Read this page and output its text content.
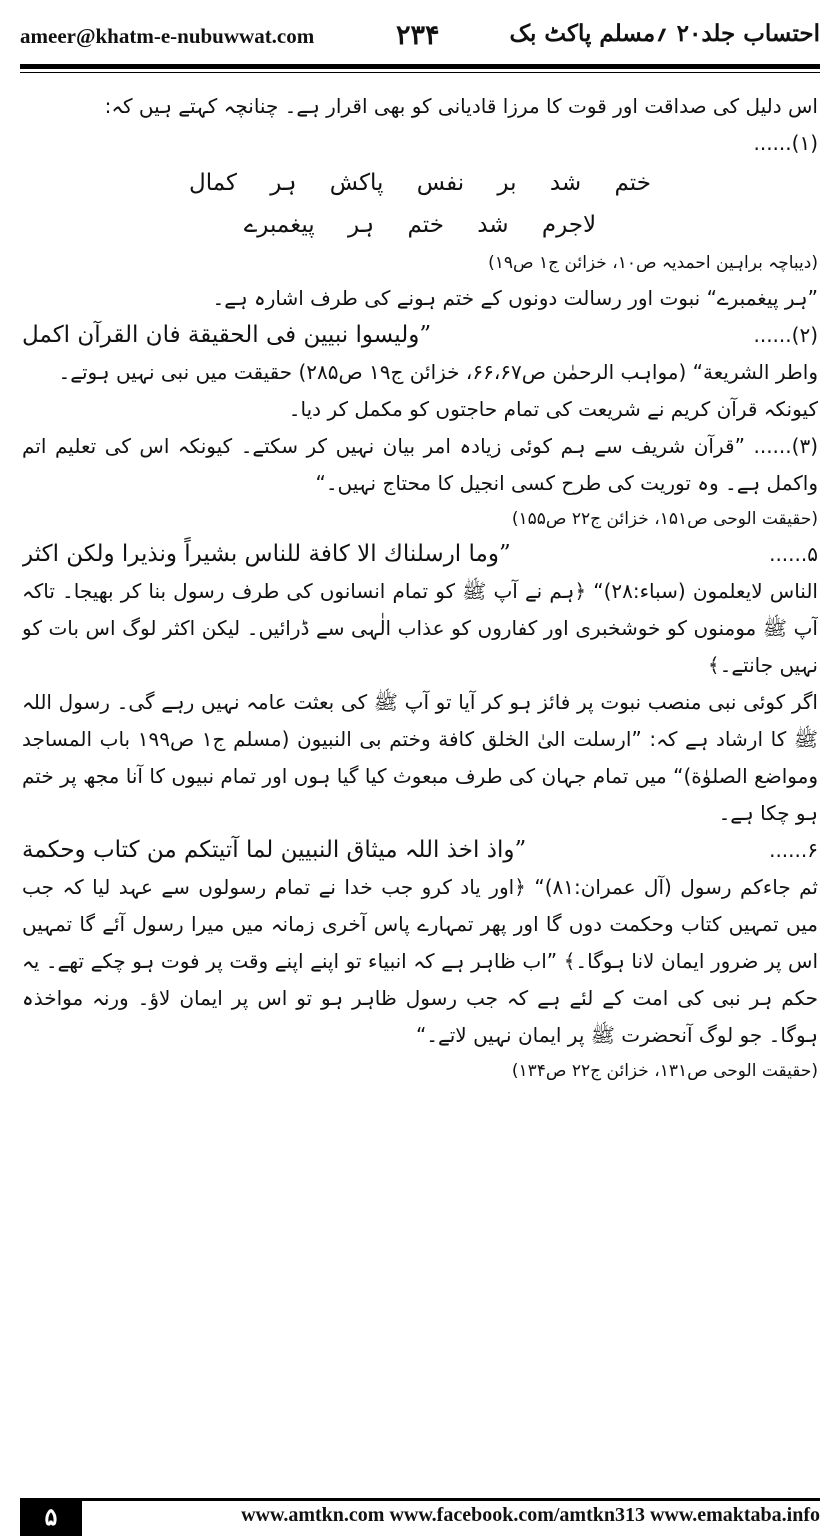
ameer@khatm-e-nubuwwat.com	۲۳۴	احتساب جلد۲۰ ؍مسلم پاکٹ بک

اس دلیل کی صداقت اور قوت کا مرزا قادیانی کو بھی اقرار ہے۔ چنانچہ کہتے ہیں کہ:

(۱)......

ختم شد بر نفس پاکش ہر کمال

لاجرم شد ختم ہر پیغمبرے

(دیباچہ براہین احمدیہ ص۱۰، خزائن ج۱ ص۱۹)

”ہر پیغمبرے“ نبوت اور رسالت دونوں کے ختم ہونے کی طرف اشارہ ہے۔

(۲)......
”ولیسوا نبیین فی الحقیقة فان القرآن اکمل

واطر الشریعة“ (مواہب الرحمٰن ص۶۶،۶۷، خزائن ج۱۹ ص۲۸۵) حقیقت میں نبی نہیں ہوتے۔

کیونکہ قرآن کریم نے شریعت کی تمام حاجتوں کو مکمل کر دیا۔

(۳)...... ”قرآن شریف سے ہم کوئی زیادہ امر بیان نہیں کر سکتے۔ کیونکہ اس کی تعلیم اتم واکمل ہے۔ وہ توریت کی طرح کسی انجیل کا محتاج نہیں۔“

(حقیقت الوحی ص۱۵۱، خزائن ج۲۲ ص۱۵۵)

۵......
”وما ارسلناك الا کافة للناس بشیراً ونذیرا ولکن اکثر

الناس لایعلمون (سباء:۲۸)“ ﴿ہم نے آپ ﷺ کو تمام انسانوں کی طرف رسول بنا کر بھیجا۔ تاکہ آپ ﷺ مومنوں کو خوشخبری اور کفاروں کو عذاب الٰہی سے ڈرائیں۔ لیکن اکثر لوگ اس بات کو نہیں جانتے۔﴾

اگر کوئی نبی منصب نبوت پر فائز ہو کر آیا تو آپ ﷺ کی بعثت عامہ نہیں رہے گی۔ رسول اللہ ﷺ کا ارشاد ہے کہ: ”ارسلت الیٰ الخلق کافة وختم بی النبیون (مسلم ج۱ ص۱۹۹ باب المساجد ومواضع الصلوٰة)“ میں تمام جہان کی طرف مبعوث کیا گیا ہوں اور تمام نبیوں کا آنا مجھ پر ختم ہو چکا ہے۔

۶......
”واذ اخذ اللہ میثاق النبیین لما آتیتکم من کتاب وحکمة

ثم جاءکم رسول (آل عمران:۸۱)“ ﴿اور یاد کرو جب خدا نے تمام رسولوں سے عہد لیا کہ جب میں تمہیں کتاب وحکمت دوں گا اور پھر تمہارے پاس آخری زمانہ میں میرا رسول آئے گا تمہیں اس پر ضرور ایمان لانا ہوگا۔﴾ ”اب ظاہر ہے کہ انبیاء تو اپنے اپنے وقت پر فوت ہو چکے تھے۔ یہ حکم ہر نبی کی امت کے لئے ہے کہ جب رسول ظاہر ہو تو اس پر ایمان لاؤ۔ ورنہ مواخذہ ہوگا۔ جو لوگ آنحضرت ﷺ پر ایمان نہیں لاتے۔“

(حقیقت الوحی ص۱۳۱، خزائن ج۲۲ ص۱۳۴)

۵	www.amtkn.com www.facebook.com/amtkn313 www.emaktaba.info
